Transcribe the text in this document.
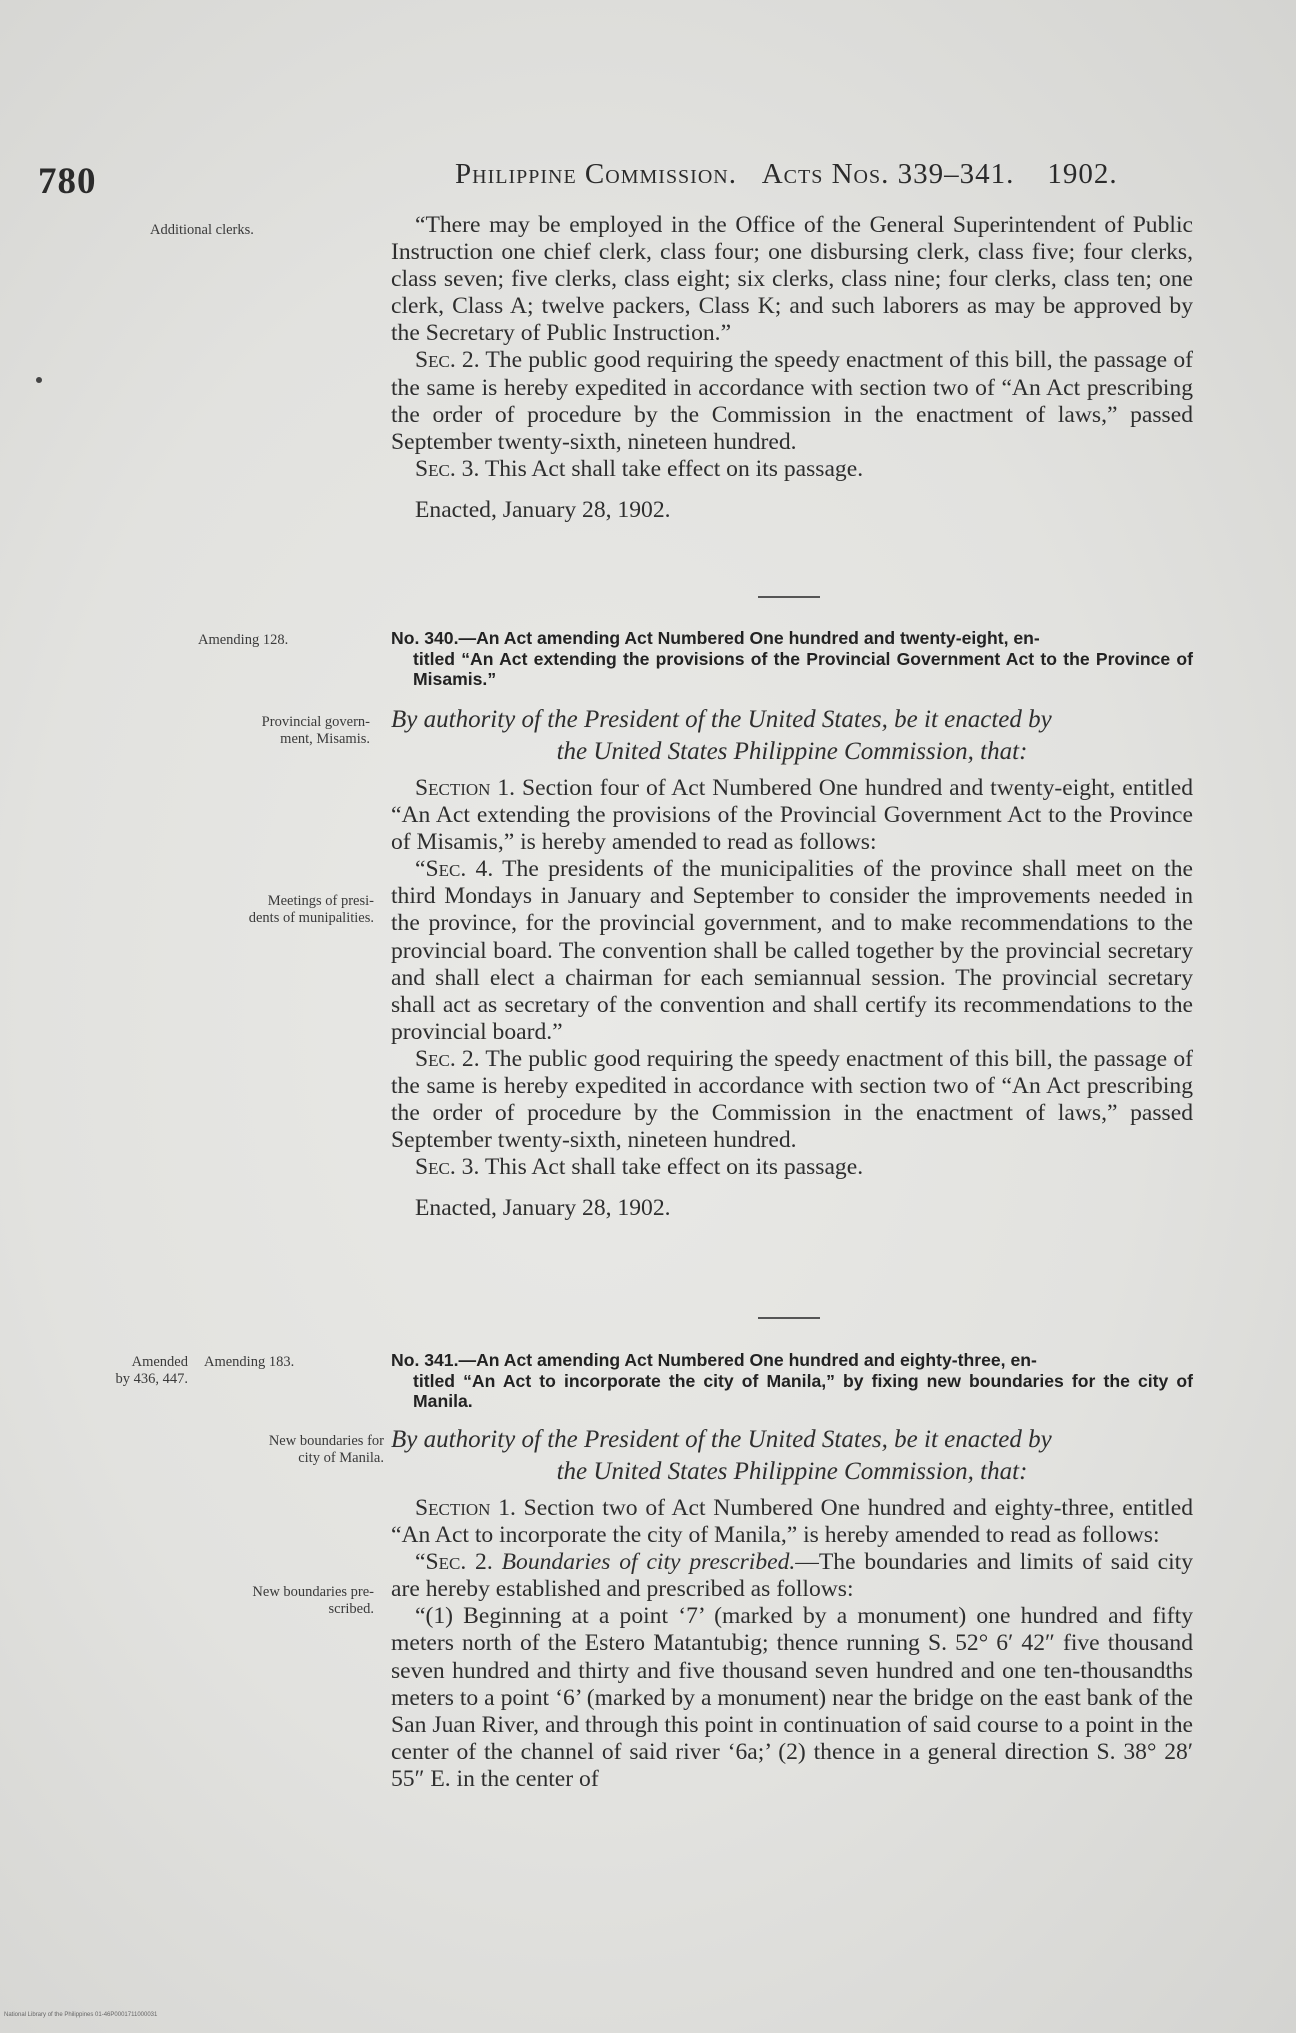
780	Philippine Commission. Acts Nos. 339–341. 1902.
Additional clerks.
Amending 128.
Provincial govern-
ment, Misamis.
Meetings of presi-
dents of munipalities.
Amended
by 436, 447.
Amending 183.
New boundaries for
city of Manila.
New boundaries pre-
scribed.

“There may be employed in the Office of the General Superintendent of Public Instruction one chief clerk, class four; one disbursing clerk, class five; four clerks, class seven; five clerks, class eight; six clerks, class nine; four clerks, class ten; one clerk, Class A; twelve packers, Class K; and such laborers as may be approved by the Secretary of Public Instruction.”

Sec. 2. The public good requiring the speedy enactment of this bill, the passage of the same is hereby expedited in accordance with section two of “An Act prescribing the order of procedure by the Commission in the enactment of laws,” passed September twenty-sixth, nineteen hundred.

Sec. 3. This Act shall take effect on its passage.

Enacted, January 28, 1902.

No. 340.—An Act amending Act Numbered One hundred and twenty-eight, en-
titled “An Act extending the provisions of the Provincial Government Act to the Province of Misamis.”
By authority of the President of the United States, be it enacted by
the United States Philippine Commission, that:

Section 1. Section four of Act Numbered One hundred and twenty-eight, entitled “An Act extending the provisions of the Provincial Government Act to the Province of Misamis,” is hereby amended to read as follows:

“Sec. 4. The presidents of the municipalities of the province shall meet on the third Mondays in January and September to consider the improvements needed in the province, for the provincial government, and to make recommendations to the provincial board. The convention shall be called together by the provincial secretary and shall elect a chairman for each semiannual session. The provincial secretary shall act as secretary of the convention and shall certify its recommendations to the provincial board.”

Sec. 2. The public good requiring the speedy enactment of this bill, the passage of the same is hereby expedited in accordance with section two of “An Act prescribing the order of procedure by the Commission in the enactment of laws,” passed September twenty-sixth, nineteen hundred.

Sec. 3. This Act shall take effect on its passage.

Enacted, January 28, 1902.

No. 341.—An Act amending Act Numbered One hundred and eighty-three, en-
titled “An Act to incorporate the city of Manila,” by fixing new boundaries for the city of Manila.
By authority of the President of the United States, be it enacted by
the United States Philippine Commission, that:

Section 1. Section two of Act Numbered One hundred and eighty-three, entitled “An Act to incorporate the city of Manila,” is hereby amended to read as follows:

“Sec. 2. Boundaries of city prescribed.—The boundaries and limits of said city are hereby established and prescribed as follows:

“(1) Beginning at a point ‘7’ (marked by a monument) one hundred and fifty meters north of the Estero Matantubig; thence running S. 52° 6′ 42″ five thousand seven hundred and thirty and five thousand seven hundred and one ten-thousandths meters to a point ‘6’ (marked by a monument) near the bridge on the east bank of the San Juan River, and through this point in continuation of said course to a point in the center of the channel of said river ‘6a;’ (2) thence in a general direction S. 38° 28′ 55″ E. in the center of

National Library of the Philippines 01-46P0001711000031
